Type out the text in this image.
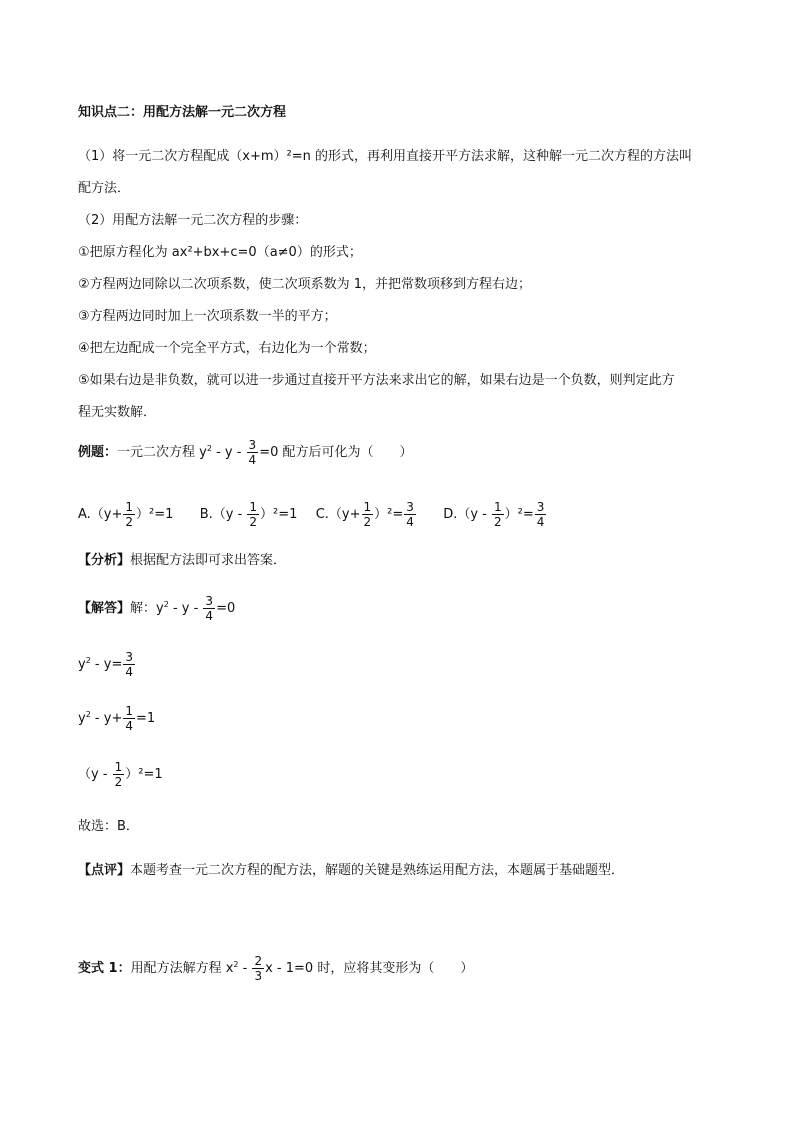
知识点二：用配方法解一元二次方程
（1）将一元二次方程配成（x+m）²=n 的形式，再利用直接开平方法求解，这种解一元二次方程的方法叫
配方法．
（2）用配方法解一元二次方程的步骤：
①把原方程化为 ax²+bx+c=0（a≠0）的形式；
②方程两边同除以二次项系数，使二次项系数为 1，并把常数项移到方程右边；
③方程两边同时加上一次项系数一半的平方；
④把左边配成一个完全平方式，右边化为一个常数；
⑤如果右边是非负数，就可以进一步通过直接开平方法来求出它的解，如果右边是一个负数，则判定此方
程无实数解．
例题：一元二次方程 $y^2 - y - \frac{3}{4} =0$ 配方后可化为（　　）
$A.(y+ \frac{1}{2} )^2=1$ $B.(y - \frac{1}{2} )^2=1$ $C.(y+ \frac{1}{2} )^2= \frac{3}{4} D.(y - \frac{1}{2} )^2= \frac{3}{4}$
【分析】根据配方法即可求出答案．
【解答】解：$y^2 - y - \frac{3}{4} =0$
$y^2 - y= \frac{3}{4}$
$y^2 - y+ \frac{1}{4} =1$
$(y - \frac{1}{2} )^2=1$
故选：B．
【点评】本题考查一元二次方程的配方法，解题的关键是熟练运用配方法，本题属于基础题型．
变式 1：用配方法解方程 $x^2 - \frac{2}{3}$ x - 1=0 时，应将其变形为（　　）
